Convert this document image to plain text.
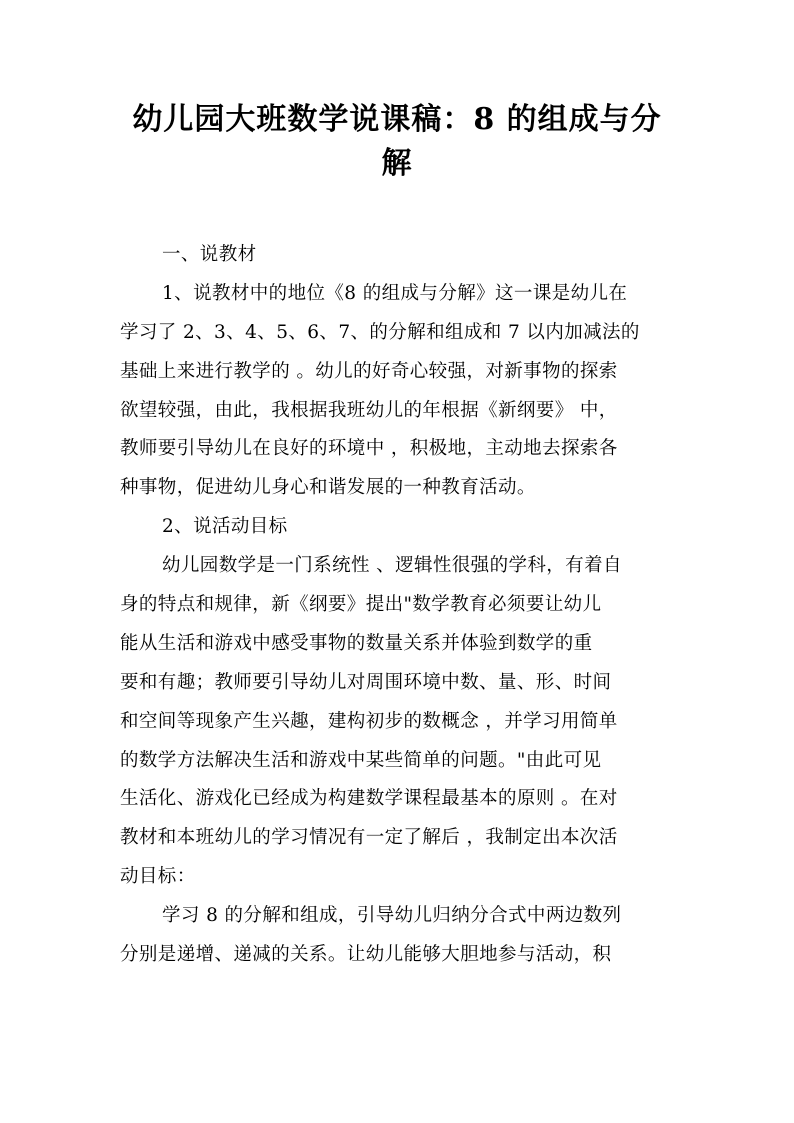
幼儿园大班数学说课稿：8 的组成与分
解
一、说教材
1、说教材中的地位《8 的组成与分解》这一课是幼儿在
学习了 2、3、4、5、6、7、的分解和组成和 7 以内加减法的
基础上来进行教学的 。幼儿的好奇心较强，对新事物的探索
欲望较强，由此，我根据我班幼儿的年根据《新纲要》 中，
教师要引导幼儿在良好的环境中 ，积极地，主动地去探索各
种事物，促进幼儿身心和谐发展的一种教育活动。
2、说活动目标
幼儿园数学是一门系统性 、逻辑性很强的学科，有着自
身的特点和规律，新《纲要》提出"数学教育必须要让幼儿
能从生活和游戏中感受事物的数量关系并体验到数学的重
要和有趣；教师要引导幼儿对周围环境中数、量、形、时间
和空间等现象产生兴趣，建构初步的数概念 ，并学习用简单
的数学方法解决生活和游戏中某些简单的问题。"由此可见
生活化、游戏化已经成为构建数学课程最基本的原则 。在对
教材和本班幼儿的学习情况有一定了解后 ，我制定出本次活
动目标：
学习 8 的分解和组成，引导幼儿归纳分合式中两边数列
分别是递增、递减的关系。让幼儿能够大胆地参与活动，积
